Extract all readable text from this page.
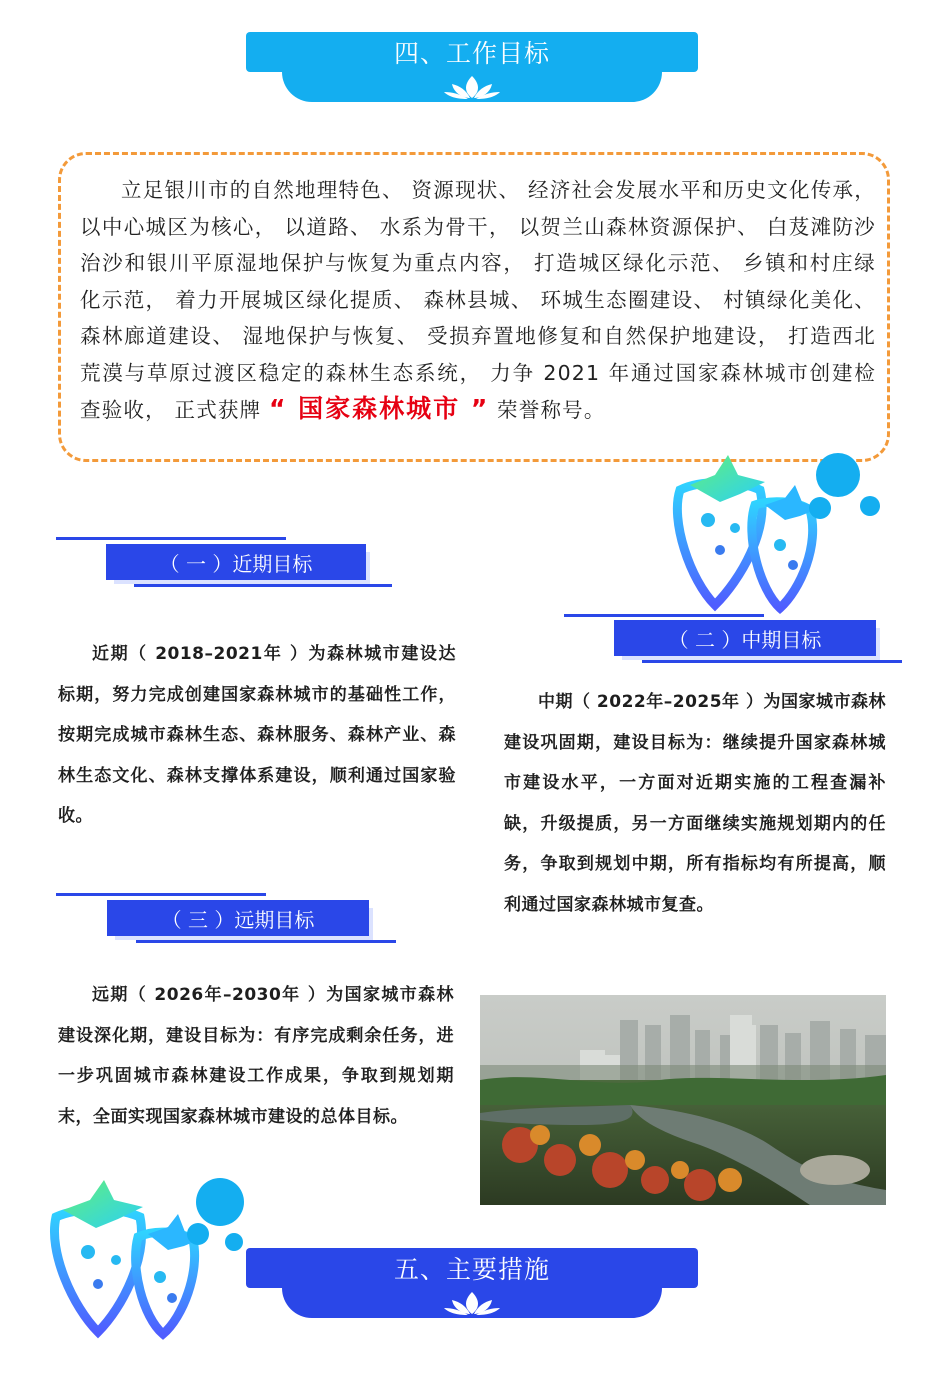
四、工作目标
立足银川市的自然地理特色、 资源现状、 经济社会发展水平和历史文化传承， 以中心城区为核心， 以道路、 水系为骨干， 以贺兰山森林资源保护、 白芨滩防沙治沙和银川平原湿地保护与恢复为重点内容， 打造城区绿化示范、 乡镇和村庄绿化示范， 着力开展城区绿化提质、 森林县城、 环城生态圈建设、 村镇绿化美化、 森林廊道建设、 湿地保护与恢复、 受损弃置地修复和自然保护地建设， 打造西北荒漠与草原过渡区稳定的森林生态系统， 力争 2021 年通过国家森林城市创建检查验收， 正式获牌 “ 国家森林城市 ” 荣誉称号。
（ 一 ）近期目标
近期（ 2018–2021年 ）为森林城市建设达标期，努力完成创建国家森林城市的基础性工作，按期完成城市森林生态、森林服务、森林产业、森林生态文化、森林支撑体系建设，顺利通过国家验收。
（ 二 ）中期目标
中期（ 2022年–2025年 ）为国家城市森林建设巩固期，建设目标为：继续提升国家森林城市建设水平，一方面对近期实施的工程查漏补缺，升级提质，另一方面继续实施规划期内的任务，争取到规划中期，所有指标均有所提高，顺利通过国家森林城市复查。
（ 三 ）远期目标
远期（ 2026年–2030年 ）为国家城市森林建设深化期，建设目标为：有序完成剩余任务，进一步巩固城市森林建设工作成果，争取到规划期末，全面实现国家森林城市建设的总体目标。
五、主要措施
